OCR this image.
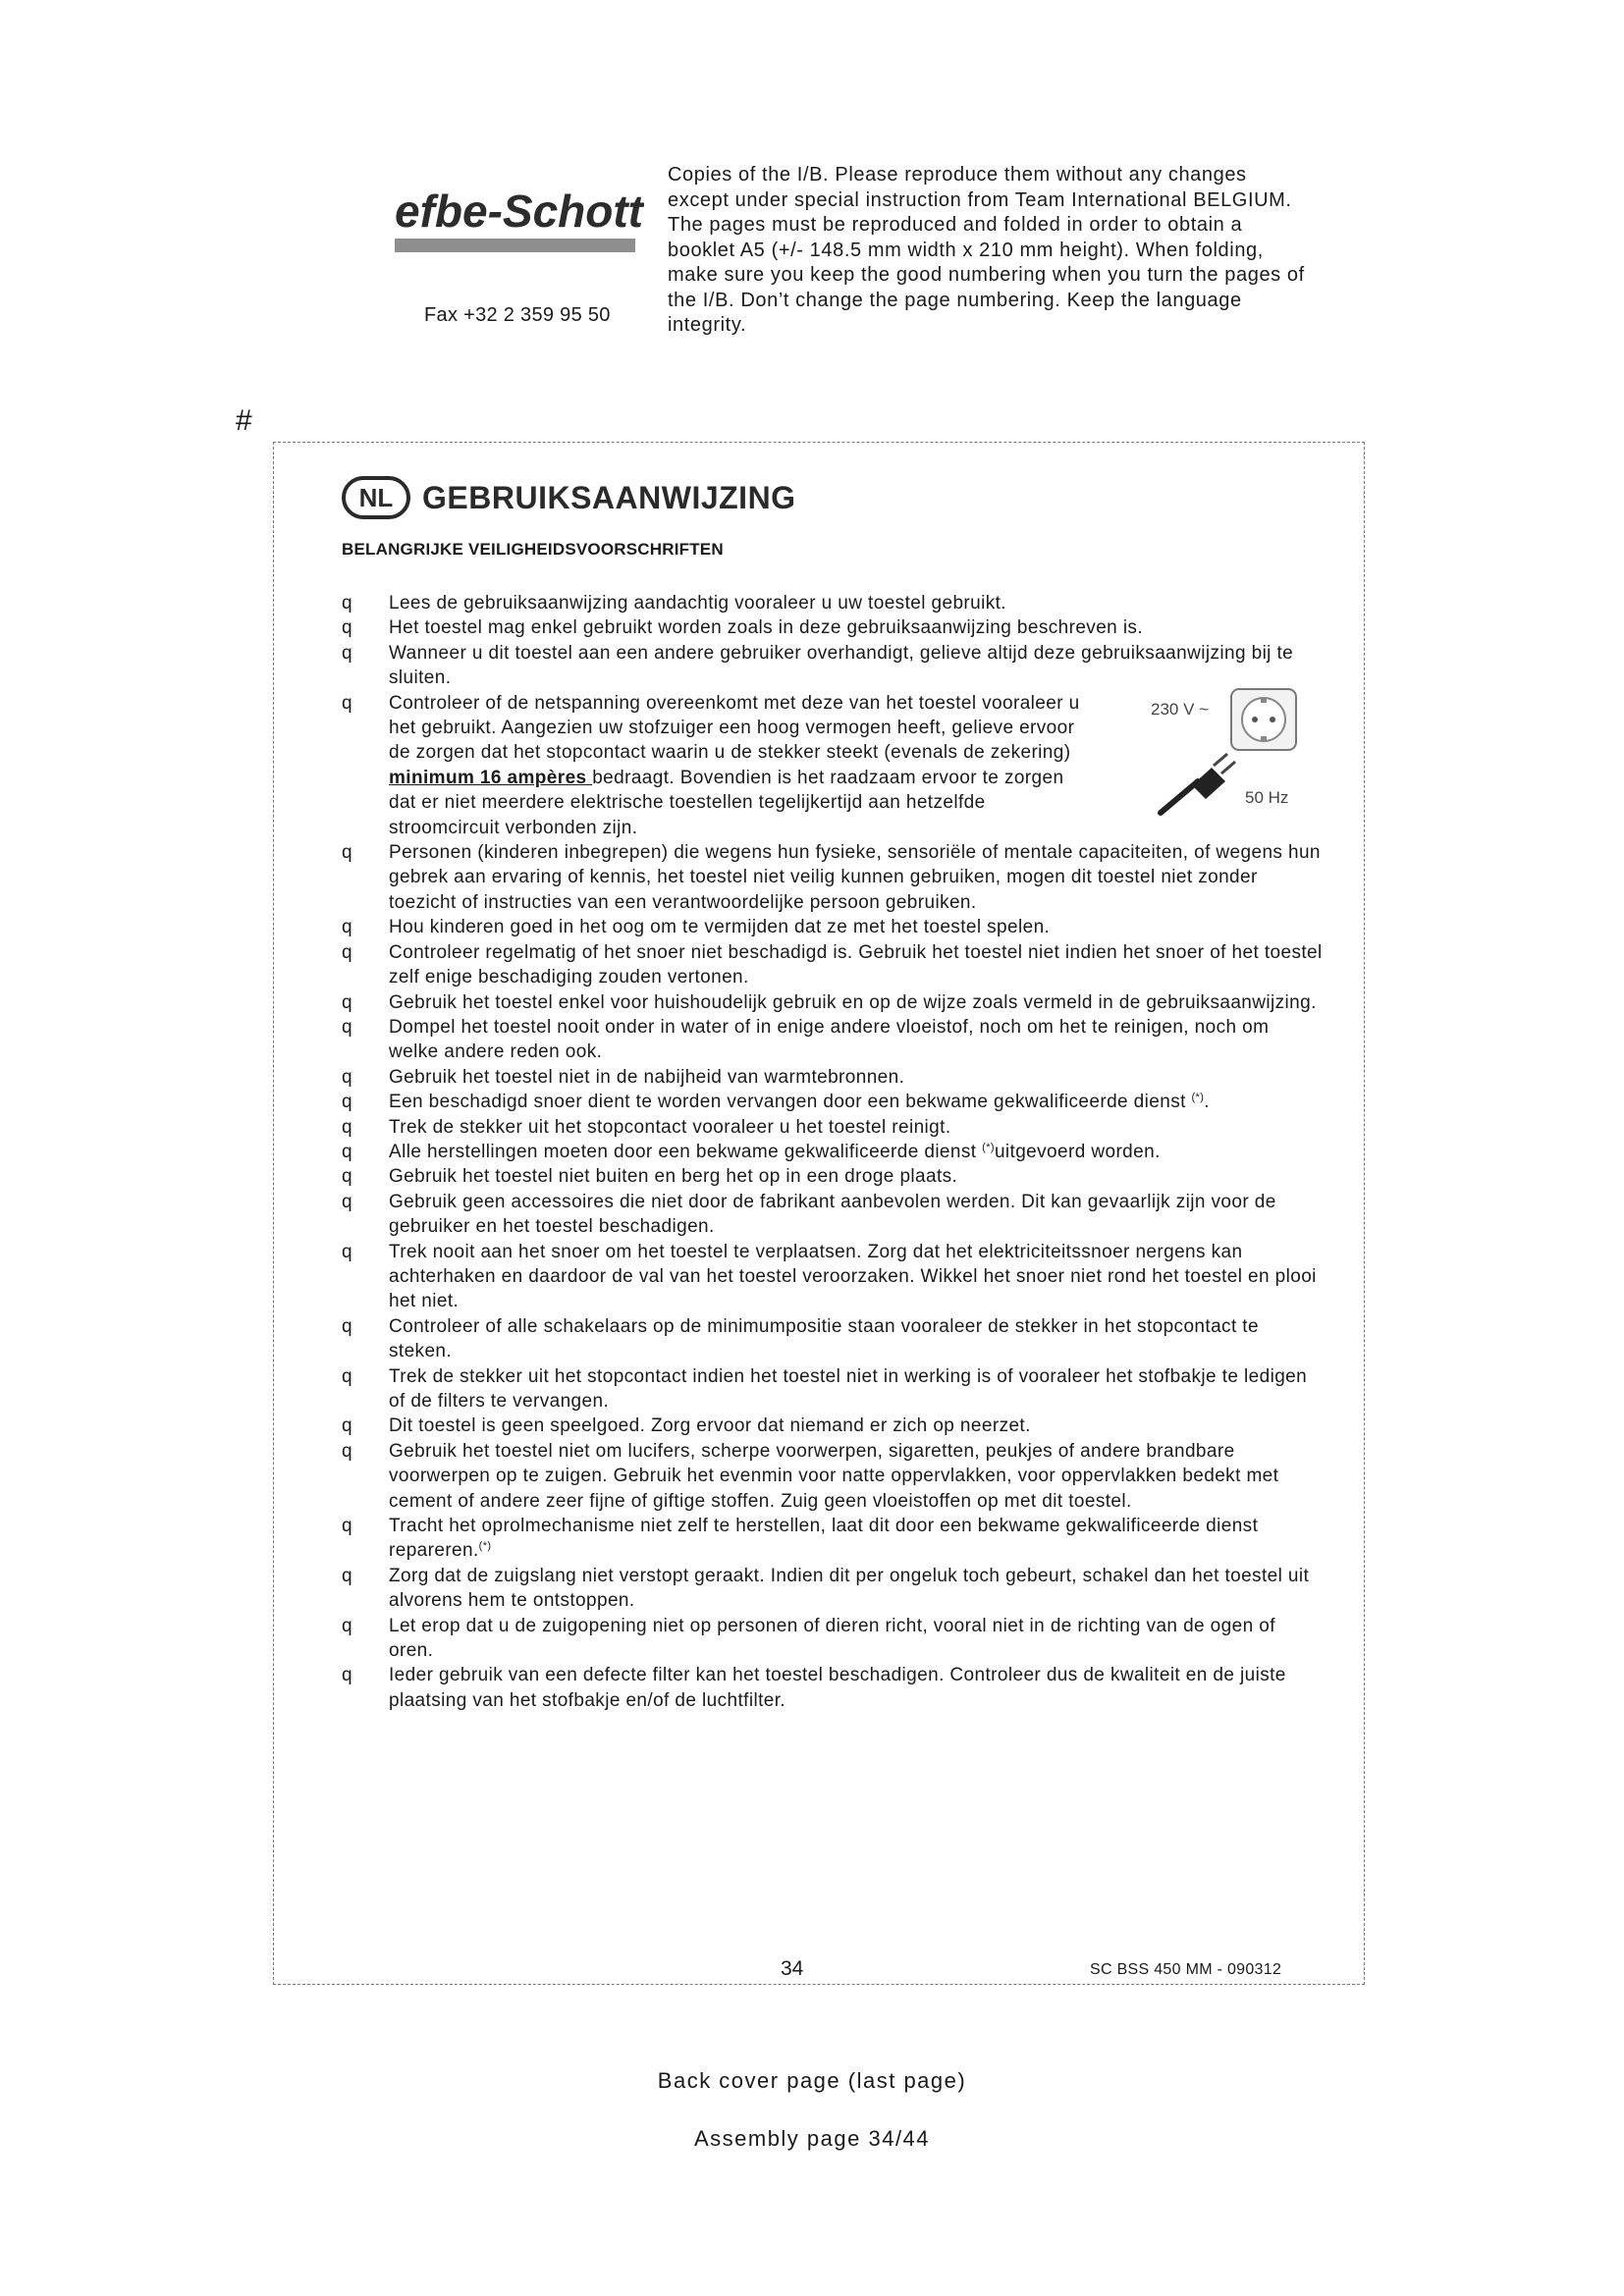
efbe-Schott
Fax +32 2 359 95 50
Copies of the I/B. Please reproduce them without any changes except under special instruction from Team International BELGIUM. The pages must be reproduced and folded in order to obtain a booklet A5 (+/- 148.5 mm width x 210 mm height). When folding, make sure you keep the good numbering when you turn the pages of the I/B. Don’t change the page numbering. Keep the language integrity.
#
NL GEBRUIKSAANWIJZING
BELANGRIJKE VEILIGHEIDSVOORSCHRIFTEN
q Lees de gebruiksaanwijzing aandachtig vooraleer u uw toestel gebruikt.
q Het toestel mag enkel gebruikt worden zoals in deze gebruiksaanwijzing beschreven is.
q Wanneer u dit toestel aan een andere gebruiker overhandigt, gelieve altijd deze gebruiksaanwijzing bij te sluiten.
q Controleer of de netspanning overeenkomt met deze van het toestel vooraleer u het gebruikt. Aangezien uw stofzuiger een hoog vermogen heeft, gelieve ervoor de zorgen dat het stopcontact waarin u de stekker steekt (evenals de zekering) minimum 16 ampères bedraagt. Bovendien is het raadzaam ervoor te zorgen dat er niet meerdere elektrische toestellen tegelijkertijd aan hetzelfde stroomcircuit verbonden zijn.
q Personen (kinderen inbegrepen) die wegens hun fysieke, sensoriële of mentale capaciteiten, of wegens hun gebrek aan ervaring of kennis, het toestel niet veilig kunnen gebruiken, mogen dit toestel niet zonder toezicht of instructies van een verantwoordelijke persoon gebruiken.
q Hou kinderen goed in het oog om te vermijden dat ze met het toestel spelen.
q Controleer regelmatig of het snoer niet beschadigd is. Gebruik het toestel niet indien het snoer of het toestel zelf enige beschadiging zouden vertonen.
q Gebruik het toestel enkel voor huishoudelijk gebruik en op de wijze zoals vermeld in de gebruiksaanwijzing.
q Dompel het toestel nooit onder in water of in enige andere vloeistof, noch om het te reinigen, noch om welke andere reden ook.
q Gebruik het toestel niet in de nabijheid van warmtebronnen.
q Een beschadigd snoer dient te worden vervangen door een bekwame gekwalificeerde dienst (*).
q Trek de stekker uit het stopcontact vooraleer u het toestel reinigt.
q Alle herstellingen moeten door een bekwame gekwalificeerde dienst (*)uitgevoerd worden.
q Gebruik het toestel niet buiten en berg het op in een droge plaats.
q Gebruik geen accessoires die niet door de fabrikant aanbevolen werden. Dit kan gevaarlijk zijn voor de gebruiker en het toestel beschadigen.
q Trek nooit aan het snoer om het toestel te verplaatsen. Zorg dat het elektriciteitssnoer nergens kan achterhaken en daardoor de val van het toestel veroorzaken. Wikkel het snoer niet rond het toestel en plooi het niet.
q Controleer of alle schakelaars op de minimumpositie staan vooraleer de stekker in het stopcontact te steken.
q Trek de stekker uit het stopcontact indien het toestel niet in werking is of vooraleer het stofbakje te ledigen of de filters te vervangen.
q Dit toestel is geen speelgoed. Zorg ervoor dat niemand er zich op neerzet.
q Gebruik het toestel niet om lucifers, scherpe voorwerpen, sigaretten, peukjes of andere brandbare voorwerpen op te zuigen. Gebruik het evenmin voor natte oppervlakken, voor oppervlakken bedekt met cement of andere zeer fijne of giftige stoffen. Zuig geen vloeistoffen op met dit toestel.
q Tracht het oprolmechanisme niet zelf te herstellen, laat dit door een bekwame gekwalificeerde dienst repareren.(*)
q Zorg dat de zuigslang niet verstopt geraakt. Indien dit per ongeluk toch gebeurt, schakel dan het toestel uit alvorens hem te ontstoppen.
q Let erop dat u de zuigopening niet op personen of dieren richt, vooral niet in de richting van de ogen of oren.
q Ieder gebruik van een defecte filter kan het toestel beschadigen. Controleer dus de kwaliteit en de juiste plaatsing van het stofbakje en/of de luchtfilter.
230 V ~
50 Hz
34	SC BSS 450 MM - 090312
Back cover page (last page)
Assembly page 34/44
